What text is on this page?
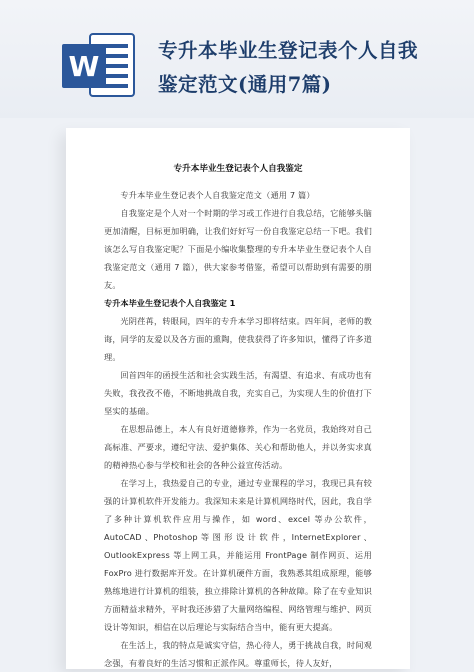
W	专升本毕业生登记表个人自我
鉴定范文(通用7篇)
专升本毕业生登记表个人自我鉴定

专升本毕业生登记表个人自我鉴定范文（通用 7 篇）

自我鉴定是个人对一个时期的学习或工作进行自我总结，它能够头脑更加清醒，目标更加明确，让我们好好写一份自我鉴定总结一下吧。我们该怎么写自我鉴定呢？下面是小编收集整理的专升本毕业生登记表个人自我鉴定范文（通用 7 篇），供大家参考借鉴，希望可以帮助到有需要的朋友。

专升本毕业生登记表个人自我鉴定 1

光阴荏苒，转眼间，四年的专升本学习即将结束。四年间，老师的教诲，同学的友爱以及各方面的熏陶，使我获得了许多知识，懂得了许多道理。

回首四年的函授生活和社会实践生活，有渴望、有追求、有成功也有失败，我孜孜不倦，不断地挑战自我，充实自己，为实现人生的价值打下坚实的基础。

在思想品德上，本人有良好道德修养，作为一名党员，我始终对自己高标准、严要求，遵纪守法、爱护集体、关心和帮助他人，并以务实求真的精神热心参与学校和社会的各种公益宣传活动。

在学习上，我热爱自己的专业，通过专业课程的学习，我现已具有较强的计算机软件开发能力。我深知未来是计算机网络时代，因此，我自学了多种计算机软件应用与操作，如 word、excel 等办公软件，AutoCAD 、Photoshop 等 图 形 设 计 软 件 ，InternetExplorer 、OutlookExpress 等上网工具，并能运用 FrontPage 制作网页、运用 FoxPro 进行数据库开发。在计算机硬件方面，我熟悉其组成原理，能够熟练地进行计算机的组装，独立排除计算机的各种故障。除了在专业知识方面精益求精外，平时我还涉猎了大量网络编程、网络管理与维护、网页设计等知识，相信在以后理论与实际结合当中，能有更大提高。

在生活上，我的特点是诚实守信，热心待人，勇于挑战自我，时间观念强，有着良好的生活习惯和正派作风。尊重师长，待人友好，
